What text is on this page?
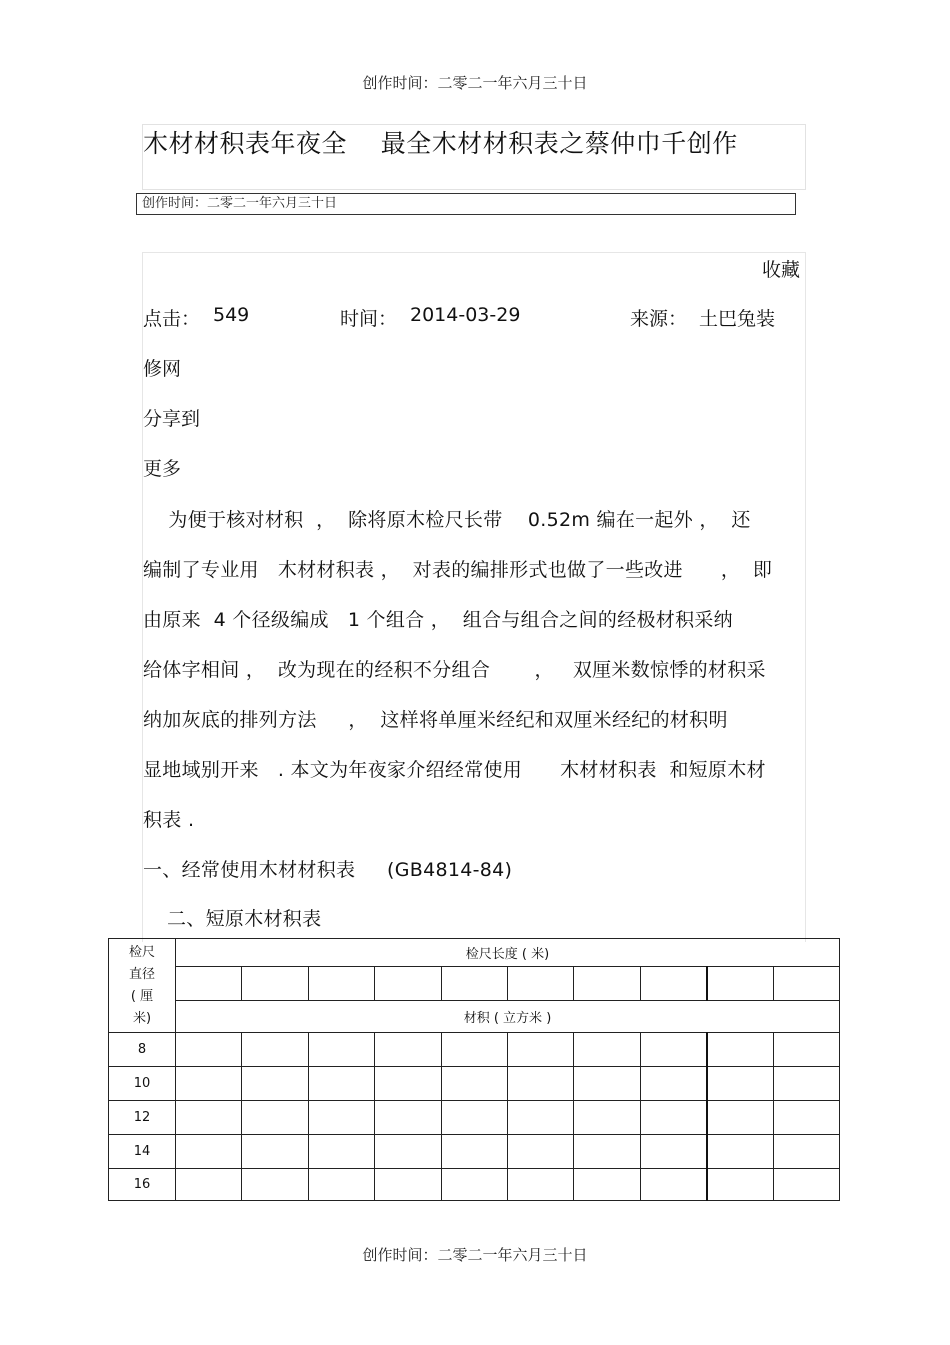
创作时间：二零二一年六月三十日
木材材积表年夜全    最全木材材积表之蔡仲巾千创作
创作时间：二零二一年六月三十日
收藏
点击： 549	时间： 2014-03-29	来源： 土巴兔装
修网
分享到
更多
为便于核对材积  ，  除将原木检尺长带    0.52m 编在一起外 ，  还
编制了专业用   木材材积表 ，  对表的编排形式也做了一些改进      ，  即
由原来  4 个径级编成   1 个组合 ，  组合与组合之间的经极材积采纳
给体字相间 ，  改为现在的经积不分组合       ，   双厘米数惊悸的材积采
纳加灰底的排列方法     ，  这样将单厘米经纪和双厘米经纪的材积明
显地域别开来   . 本文为年夜家介绍经常使用      木材材积表  和短原木材
积表 .
一、经常使用木材材积表     (GB4814-84)
二、短原木材积表
检尺
直径
( 厘
米)	检尺长度 ( 米)									

	材积 ( 立方米 )									
8										
10										
12										
14										
16										
创作时间：二零二一年六月三十日
